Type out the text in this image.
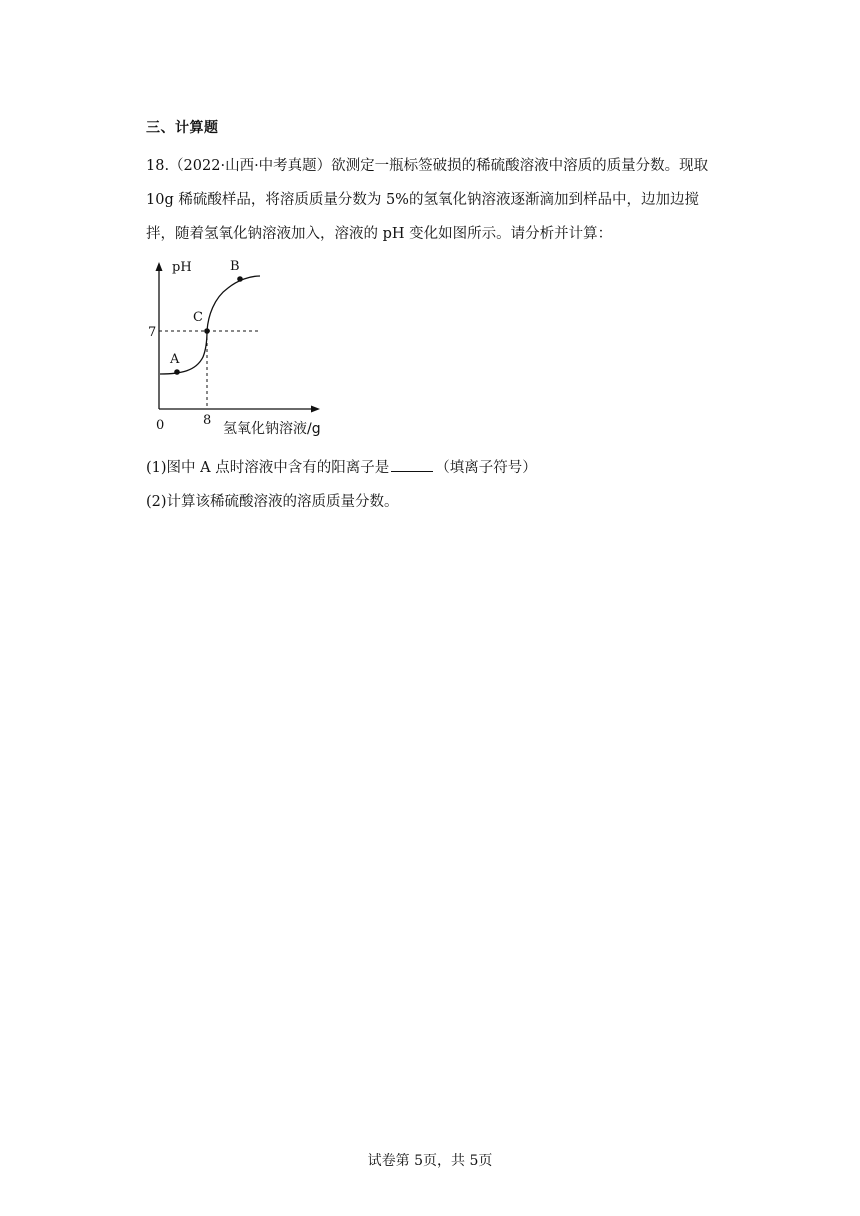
三、计算题
18.（2022·山西·中考真题）欲测定一瓶标签破损的稀硫酸溶液中溶质的质量分数。现取
10g 稀硫酸样品，将溶质质量分数为 5%的氢氧化钠溶液逐渐滴加到样品中，边加边搅
拌，随着氢氧化钠溶液加入，溶液的 pH 变化如图所示。请分析并计算：
pH	B
C
A
7
0	8
氢氧化钠溶液/g
(1)图中 A 点时溶液中含有的阳离子是	（填离子符号）
(2)计算该稀硫酸溶液的溶质质量分数。
试卷第 5页，共 5页
